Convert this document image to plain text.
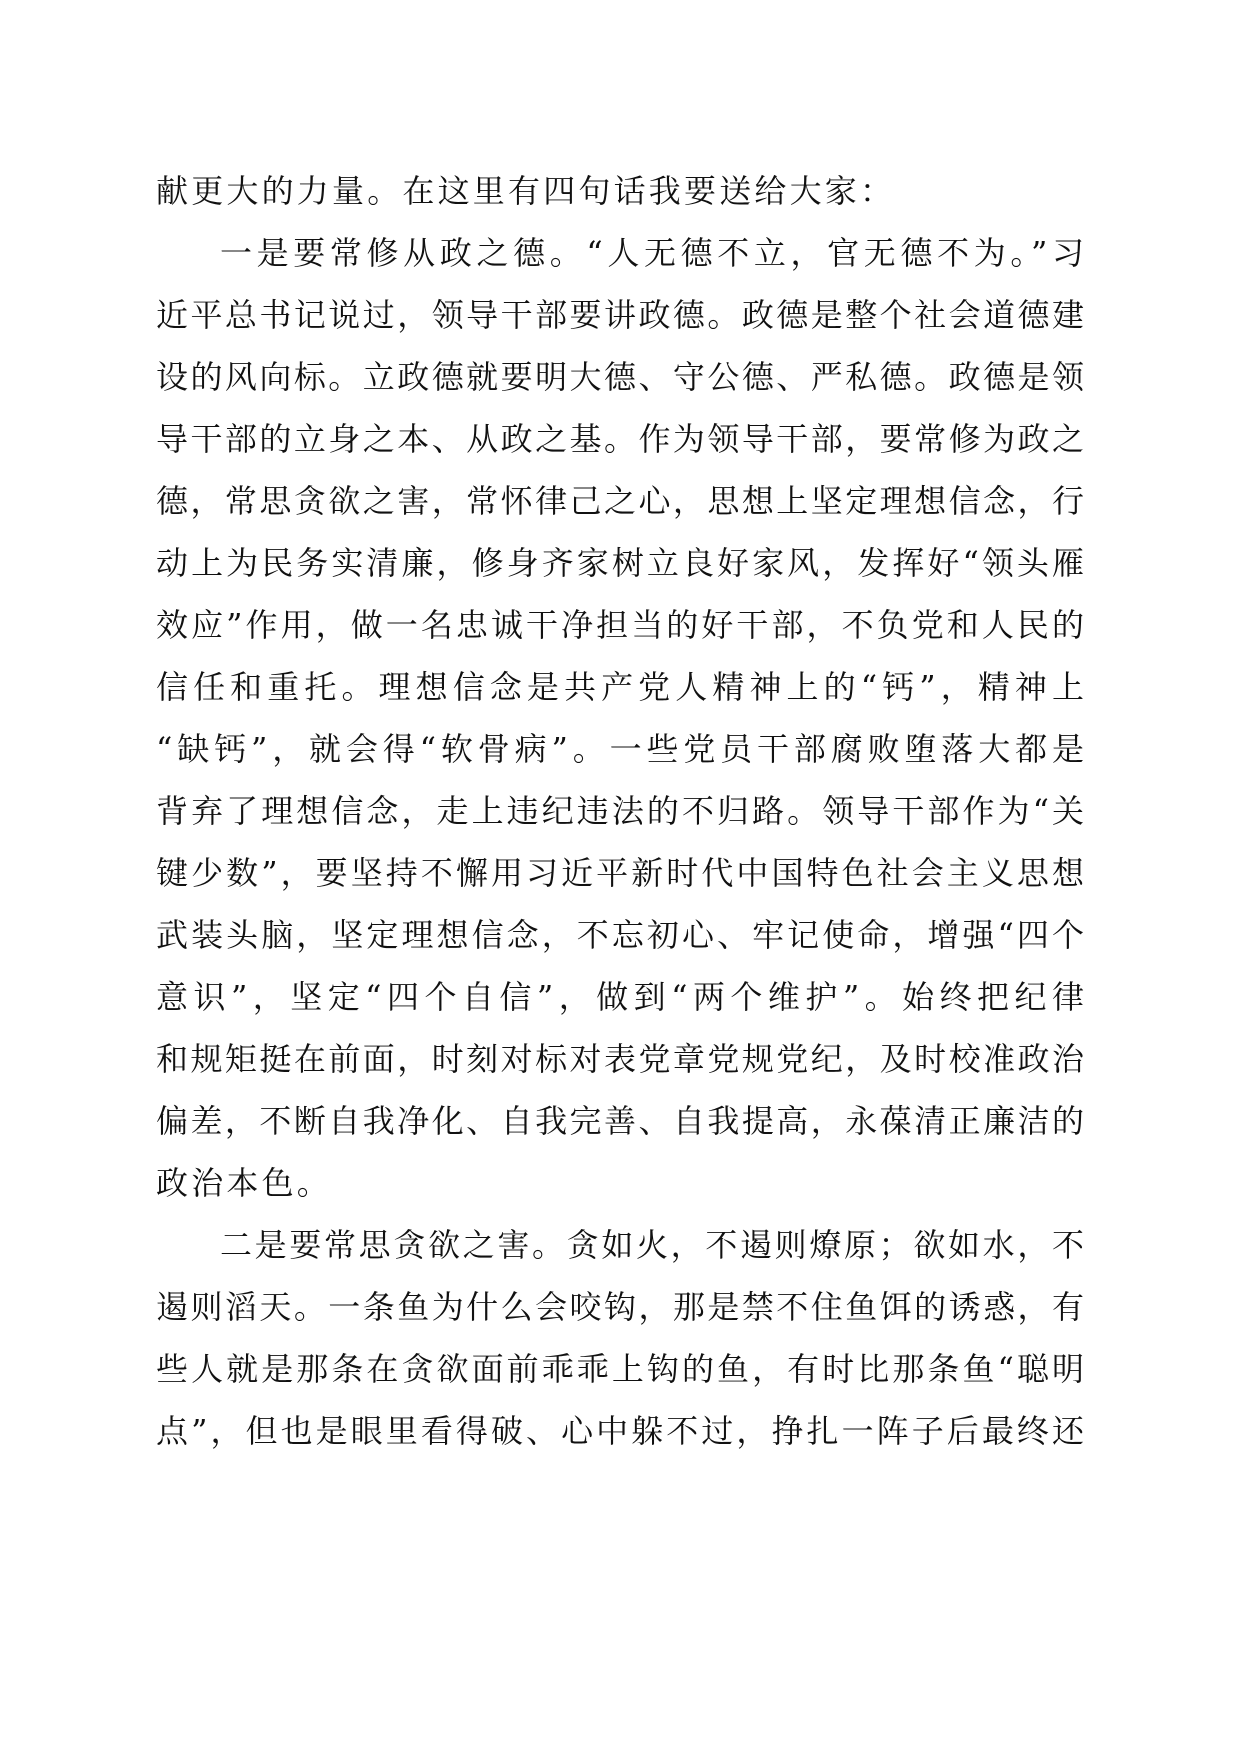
献更大的力量。在这里有四句话我要送给大家：
一是要常修从政之德。“人无德不立，官无德不为。”习
近平总书记说过，领导干部要讲政德。政德是整个社会道德建
设的风向标。立政德就要明大德、守公德、严私德。政德是领
导干部的立身之本、从政之基。作为领导干部，要常修为政之
德，常思贪欲之害，常怀律己之心，思想上坚定理想信念，行
动上为民务实清廉，修身齐家树立良好家风，发挥好“领头雁
效应”作用，做一名忠诚干净担当的好干部，不负党和人民的
信任和重托。理想信念是共产党人精神上的“钙”，精神上
“缺钙”，就会得“软骨病”。一些党员干部腐败堕落大都是
背弃了理想信念，走上违纪违法的不归路。领导干部作为“关
键少数”，要坚持不懈用习近平新时代中国特色社会主义思想
武装头脑，坚定理想信念，不忘初心、牢记使命，增强“四个
意识”，坚定“四个自信”，做到“两个维护”。始终把纪律
和规矩挺在前面，时刻对标对表党章党规党纪，及时校准政治
偏差，不断自我净化、自我完善、自我提高，永葆清正廉洁的
政治本色。
二是要常思贪欲之害。贪如火，不遏则燎原；欲如水，不
遏则滔天。一条鱼为什么会咬钩，那是禁不住鱼饵的诱惑，有
些人就是那条在贪欲面前乖乖上钩的鱼，有时比那条鱼“聪明
点”，但也是眼里看得破、心中躲不过，挣扎一阵子后最终还
